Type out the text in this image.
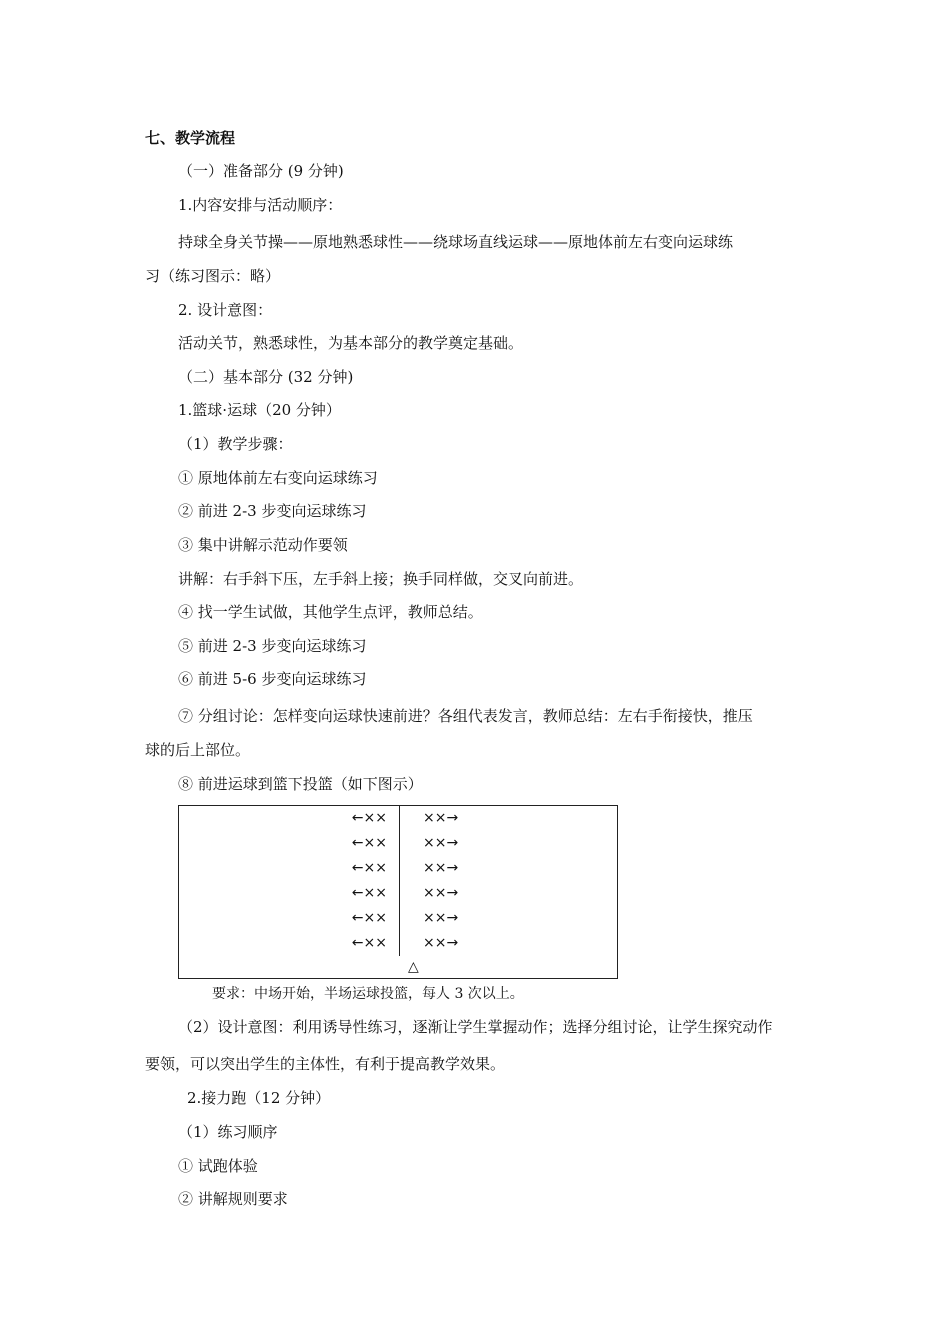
七、教学流程
（一）准备部分 (9 分钟)
1.内容安排与活动顺序：
持球全身关节操——原地熟悉球性——绕球场直线运球——原地体前左右变向运球练
习（练习图示：略）
2. 设计意图：
活动关节，熟悉球性，为基本部分的教学奠定基础。
（二）基本部分 (32 分钟)
1.篮球·运球（20 分钟）
（1）教学步骤：
① 原地体前左右变向运球练习
② 前进 2-3 步变向运球练习
③ 集中讲解示范动作要领
讲解：右手斜下压，左手斜上接；换手同样做，交叉向前进。
④ 找一学生试做，其他学生点评，教师总结。
⑤ 前进 2-3 步变向运球练习
⑥ 前进 5-6 步变向运球练习
⑦ 分组讨论：怎样变向运球快速前进？各组代表发言，教师总结：左右手衔接快，推压
球的后上部位。
⑧ 前进运球到篮下投篮（如下图示）
←××
←××
←××
←××
←××
←××
××→
××→
××→
××→
××→
××→
△
要求：中场开始，半场运球投篮，每人 3 次以上。
（2）设计意图：利用诱导性练习，逐渐让学生掌握动作；选择分组讨论，让学生探究动作
要领，可以突出学生的主体性，有利于提高教学效果。
2.接力跑（12 分钟）
（1）练习顺序
① 试跑体验
② 讲解规则要求
